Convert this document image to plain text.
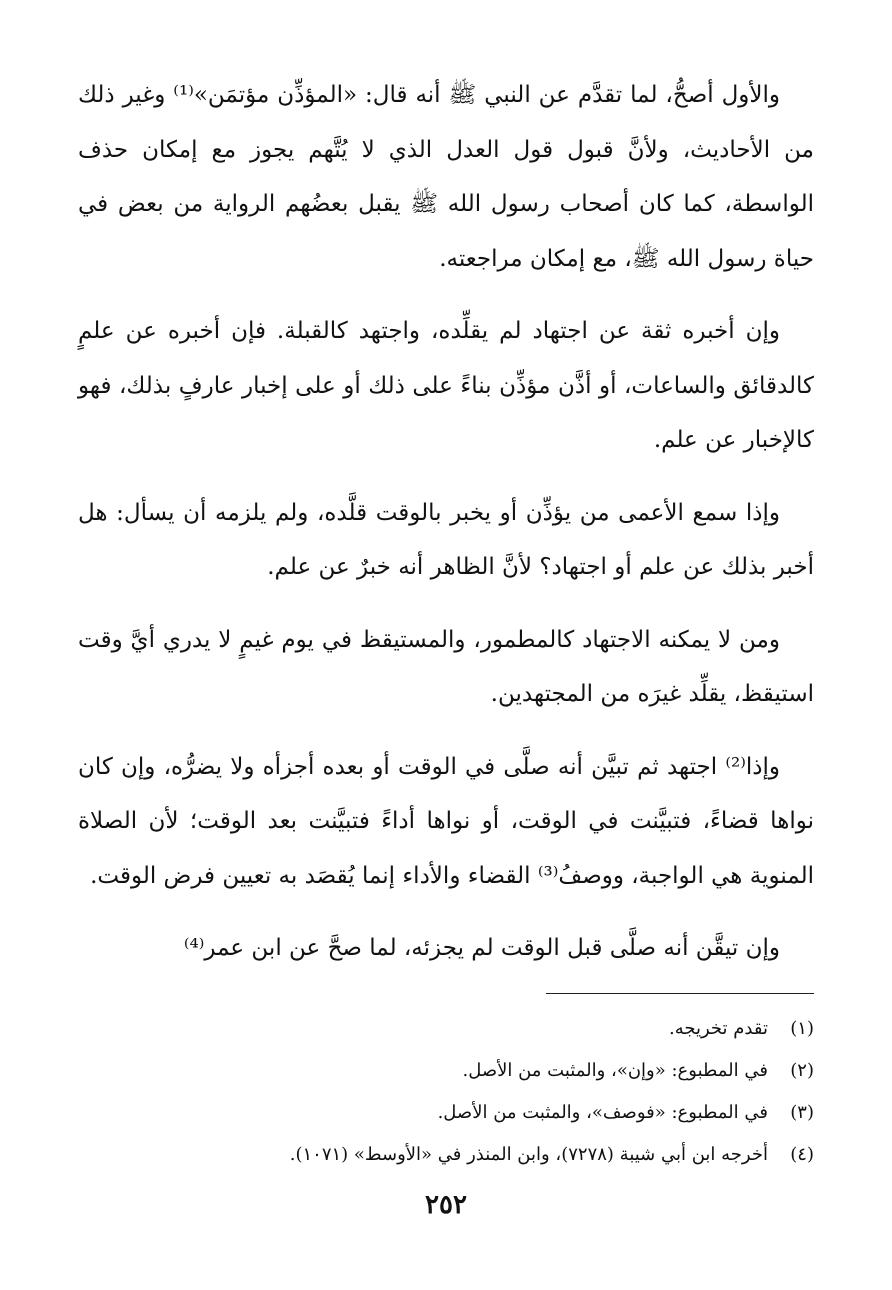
والأول أصحُّ، لما تقدَّم عن النبي ﷺ أنه قال: «المؤذِّن مؤتمَن»⁽¹⁾ وغير ذلك من الأحاديث، ولأنَّ قبول قول العدل الذي لا يُتَّهم يجوز مع إمكان حذف الواسطة، كما كان أصحاب رسول الله ﷺ يقبل بعضُهم الرواية من بعض في حياة رسول الله ﷺ، مع إمكان مراجعته.

وإن أخبره ثقة عن اجتهاد لم يقلِّده، واجتهد كالقبلة. فإن أخبره عن علمٍ كالدقائق والساعات، أو أذَّن مؤذِّن بناءً على ذلك أو على إخبار عارفٍ بذلك، فهو كالإخبار عن علم.

وإذا سمع الأعمى من يؤذِّن أو يخبر بالوقت قلَّده، ولم يلزمه أن يسأل: هل أخبر بذلك عن علم أو اجتهاد؟ لأنَّ الظاهر أنه خبرٌ عن علم.

ومن لا يمكنه الاجتهاد كالمطمور، والمستيقظ في يوم غيمٍ لا يدري أيَّ وقت استيقظ، يقلِّد غيرَه من المجتهدين.

وإذا⁽²⁾ اجتهد ثم تبيَّن أنه صلَّى في الوقت أو بعده أجزأه ولا يضرُّه، وإن كان نواها قضاءً، فتبيَّنت في الوقت، أو نواها أداءً فتبيَّنت بعد الوقت؛ لأن الصلاة المنوية هي الواجبة، ووصفُ⁽³⁾ القضاء والأداء إنما يُقصَد به تعيين فرض الوقت.

وإن تيقَّن أنه صلَّى قبل الوقت لم يجزئه، لما صحَّ عن ابن عمر⁽⁴⁾

(١)تقدم تخريجه.

(٢)في المطبوع: «وإن»، والمثبت من الأصل.

(٣)في المطبوع: «فوصف»، والمثبت من الأصل.

(٤)أخرجه ابن أبي شيبة (٧٢٧٨)، وابن المنذر في «الأوسط» (١٠٧١).

٢٥٢
